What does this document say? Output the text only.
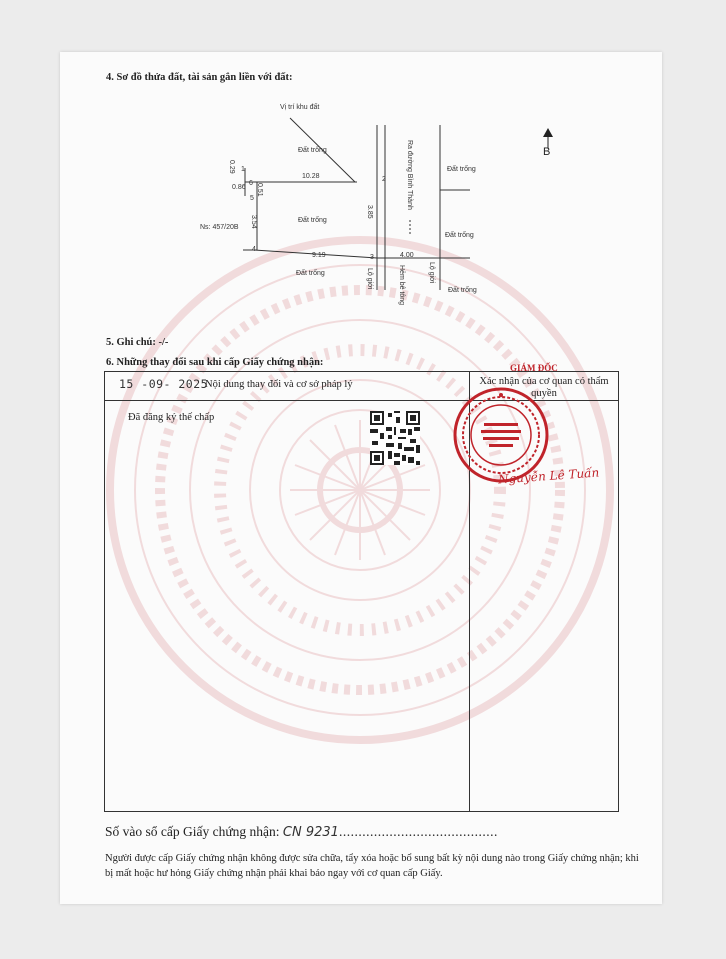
4. Sơ đồ thửa đất, tài sản gắn liền với đất:
Vị trí khu đất
Đất trống
Đất trống
Đất trống
Đất trống
Đất trống
Đất trống
Ns: 457/20B
10.28
9.19	4.00
3.54
0.29
0.86 0.51
3.85
Ra đường Bình Thành
Hẻm bê tông
Lộ giới	Lộ giới
1
2
3
4
5
6
B
5. Ghi chú: -/-
6. Những thay đổi sau khi cấp Giấy chứng nhận:
15 -09- 2025
Nội dung thay đổi và cơ sở pháp lý	Xác nhận của cơ quan có thẩm quyền

Đã đăng ký thế chấp
GIÁM ĐỐC
Nguyễn Lê Tuấn
Số vào sổ cấp Giấy chứng nhận: CN 9231.........................................
Người được cấp Giấy chứng nhận không được sửa chữa, tẩy xóa hoặc bổ sung bất kỳ nội dung nào trong Giấy chứng nhận; khi bị mất hoặc hư hỏng Giấy chứng nhận phải khai báo ngay với cơ quan cấp Giấy.
